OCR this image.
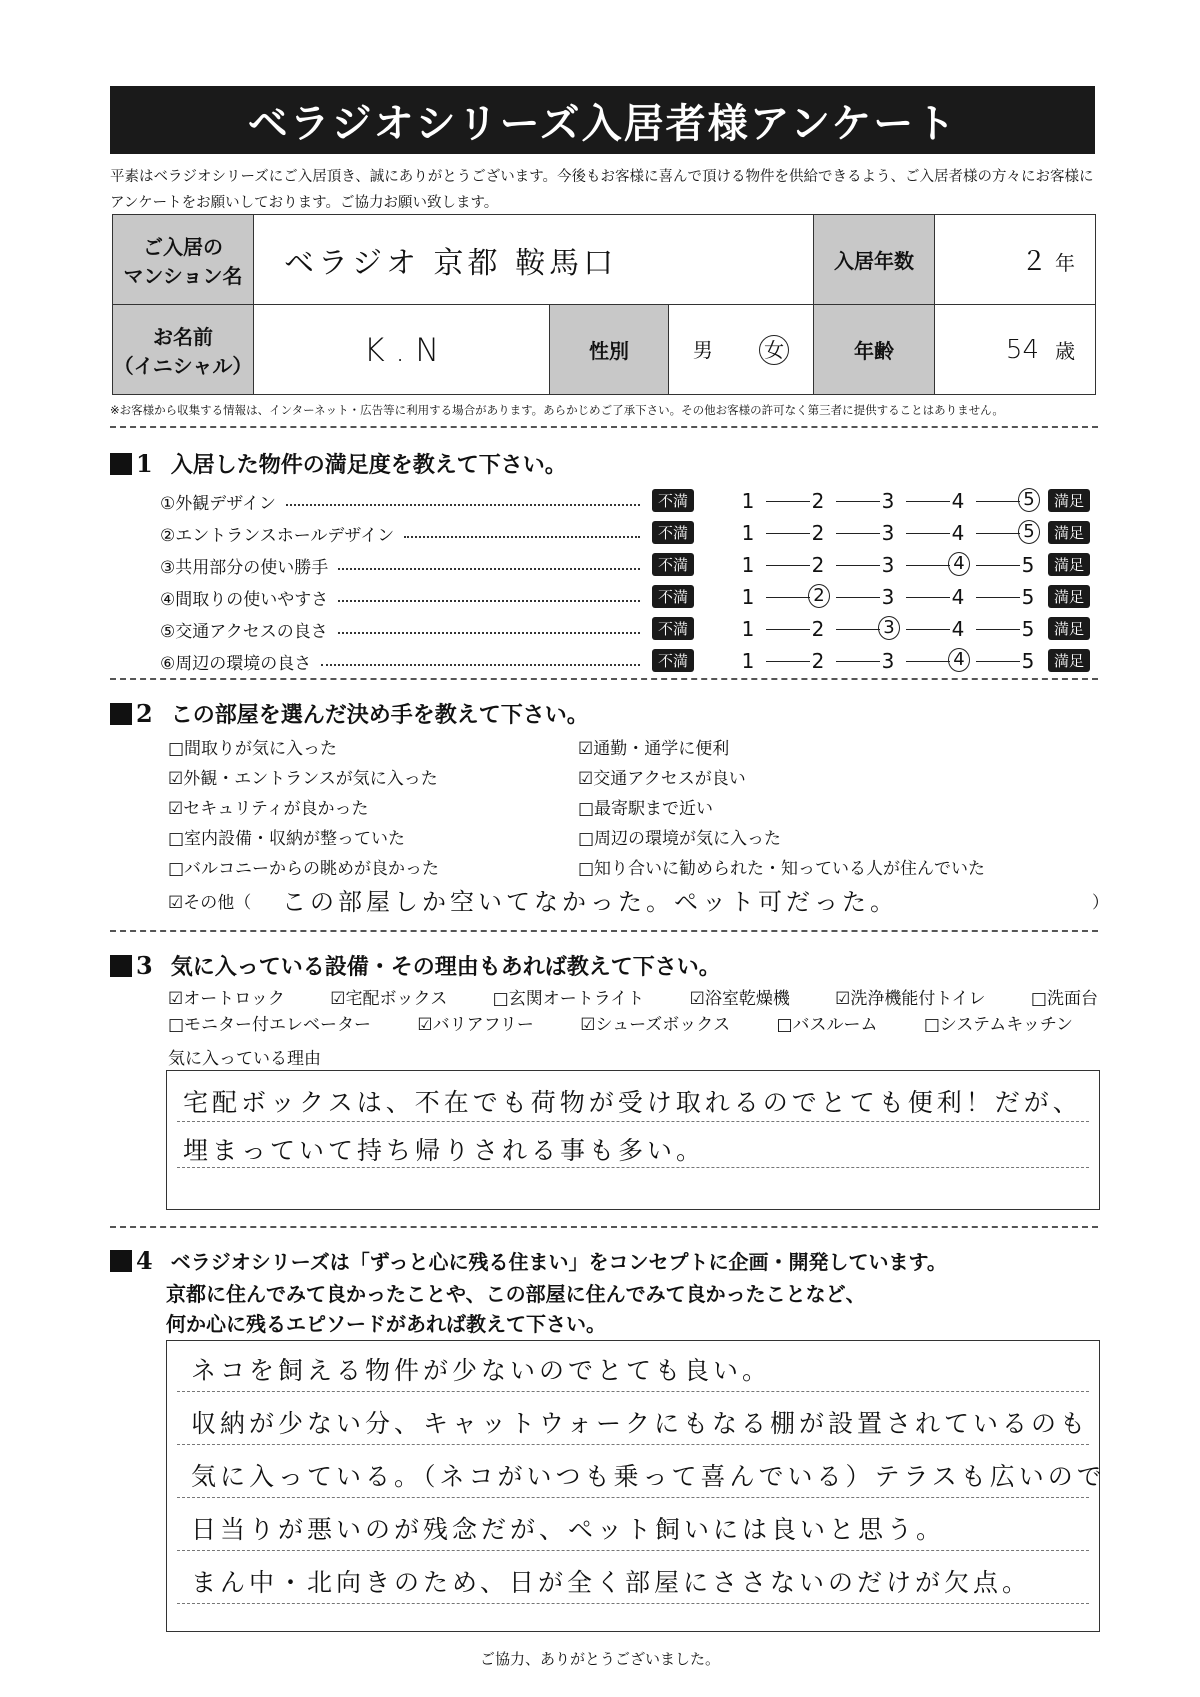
ベラジオシリーズ入居者様アンケート
平素はベラジオシリーズにご入居頂き、誠にありがとうございます。今後もお客様に喜んで頂ける物件を供給できるよう、ご入居者様の方々にお客様にアンケートをお願いしております。ご協力お願い致します。
ご入居の
マンション名	ベラジオ 京都 鞍馬口			入居年数	２ 年

お名前
（イニシャル）	K . N	性別	男 女	年齢	54 歳
※お客様から収集する情報は、インターネット・広告等に利用する場合があります。あらかじめご了承下さい。その他お客様の許可なく第三者に提供することはありません。
1 入居した物件の満足度を教えて下さい。
①外観デザイン	不満	1	2	3	4	5	満足
②エントランスホールデザイン	不満	1	2	3	4	5	満足
③共用部分の使い勝手	不満	1	2	3	4	5	満足
④間取りの使いやすさ	不満	1	2	3	4	5	満足
⑤交通アクセスの良さ	不満	1	2	3	4	5	満足
⑥周辺の環境の良さ	不満	1	2	3	4	5	満足
2 この部屋を選んだ決め手を教えて下さい。
□間取りが気に入った
☑外観・エントランスが気に入った
☑セキュリティが良かった
□室内設備・収納が整っていた
□バルコニーからの眺めが良かった
☑通勤・通学に便利
☑交通アクセスが良い
□最寄駅まで近い
□周辺の環境が気に入った
□知り合いに勧められた・知っている人が住んでいた
☑その他（ この部屋しか空いてなかった。ペット可だった。	）
3 気に入っている設備・その理由もあれば教えて下さい。
☑オートロック	☑宅配ボックス	□玄関オートライト	☑浴室乾燥機	☑洗浄機能付トイレ	□洗面台
□モニター付エレベーター	☑バリアフリー	☑シューズボックス	□バスルーム	□システムキッチン
気に入っている理由
宅配ボックスは、不在でも荷物が受け取れるのでとても便利！だが、
埋まっていて持ち帰りされる事も多い。
4 ベラジオシリーズは「ずっと心に残る住まい」をコンセプトに企画・開発しています。
京都に住んでみて良かったことや、この部屋に住んでみて良かったことなど、
何か心に残るエピソードがあれば教えて下さい。
ネコを飼える物件が少ないのでとても良い。
収納が少ない分、キャットウォークにもなる棚が設置されているのも
気に入っている。（ネコがいつも乗って喜んでいる）テラスも広いので
日当りが悪いのが残念だが、ペット飼いには良いと思う。
まん中・北向きのため、日が全く部屋にささないのだけが欠点。
ご協力、ありがとうございました。
